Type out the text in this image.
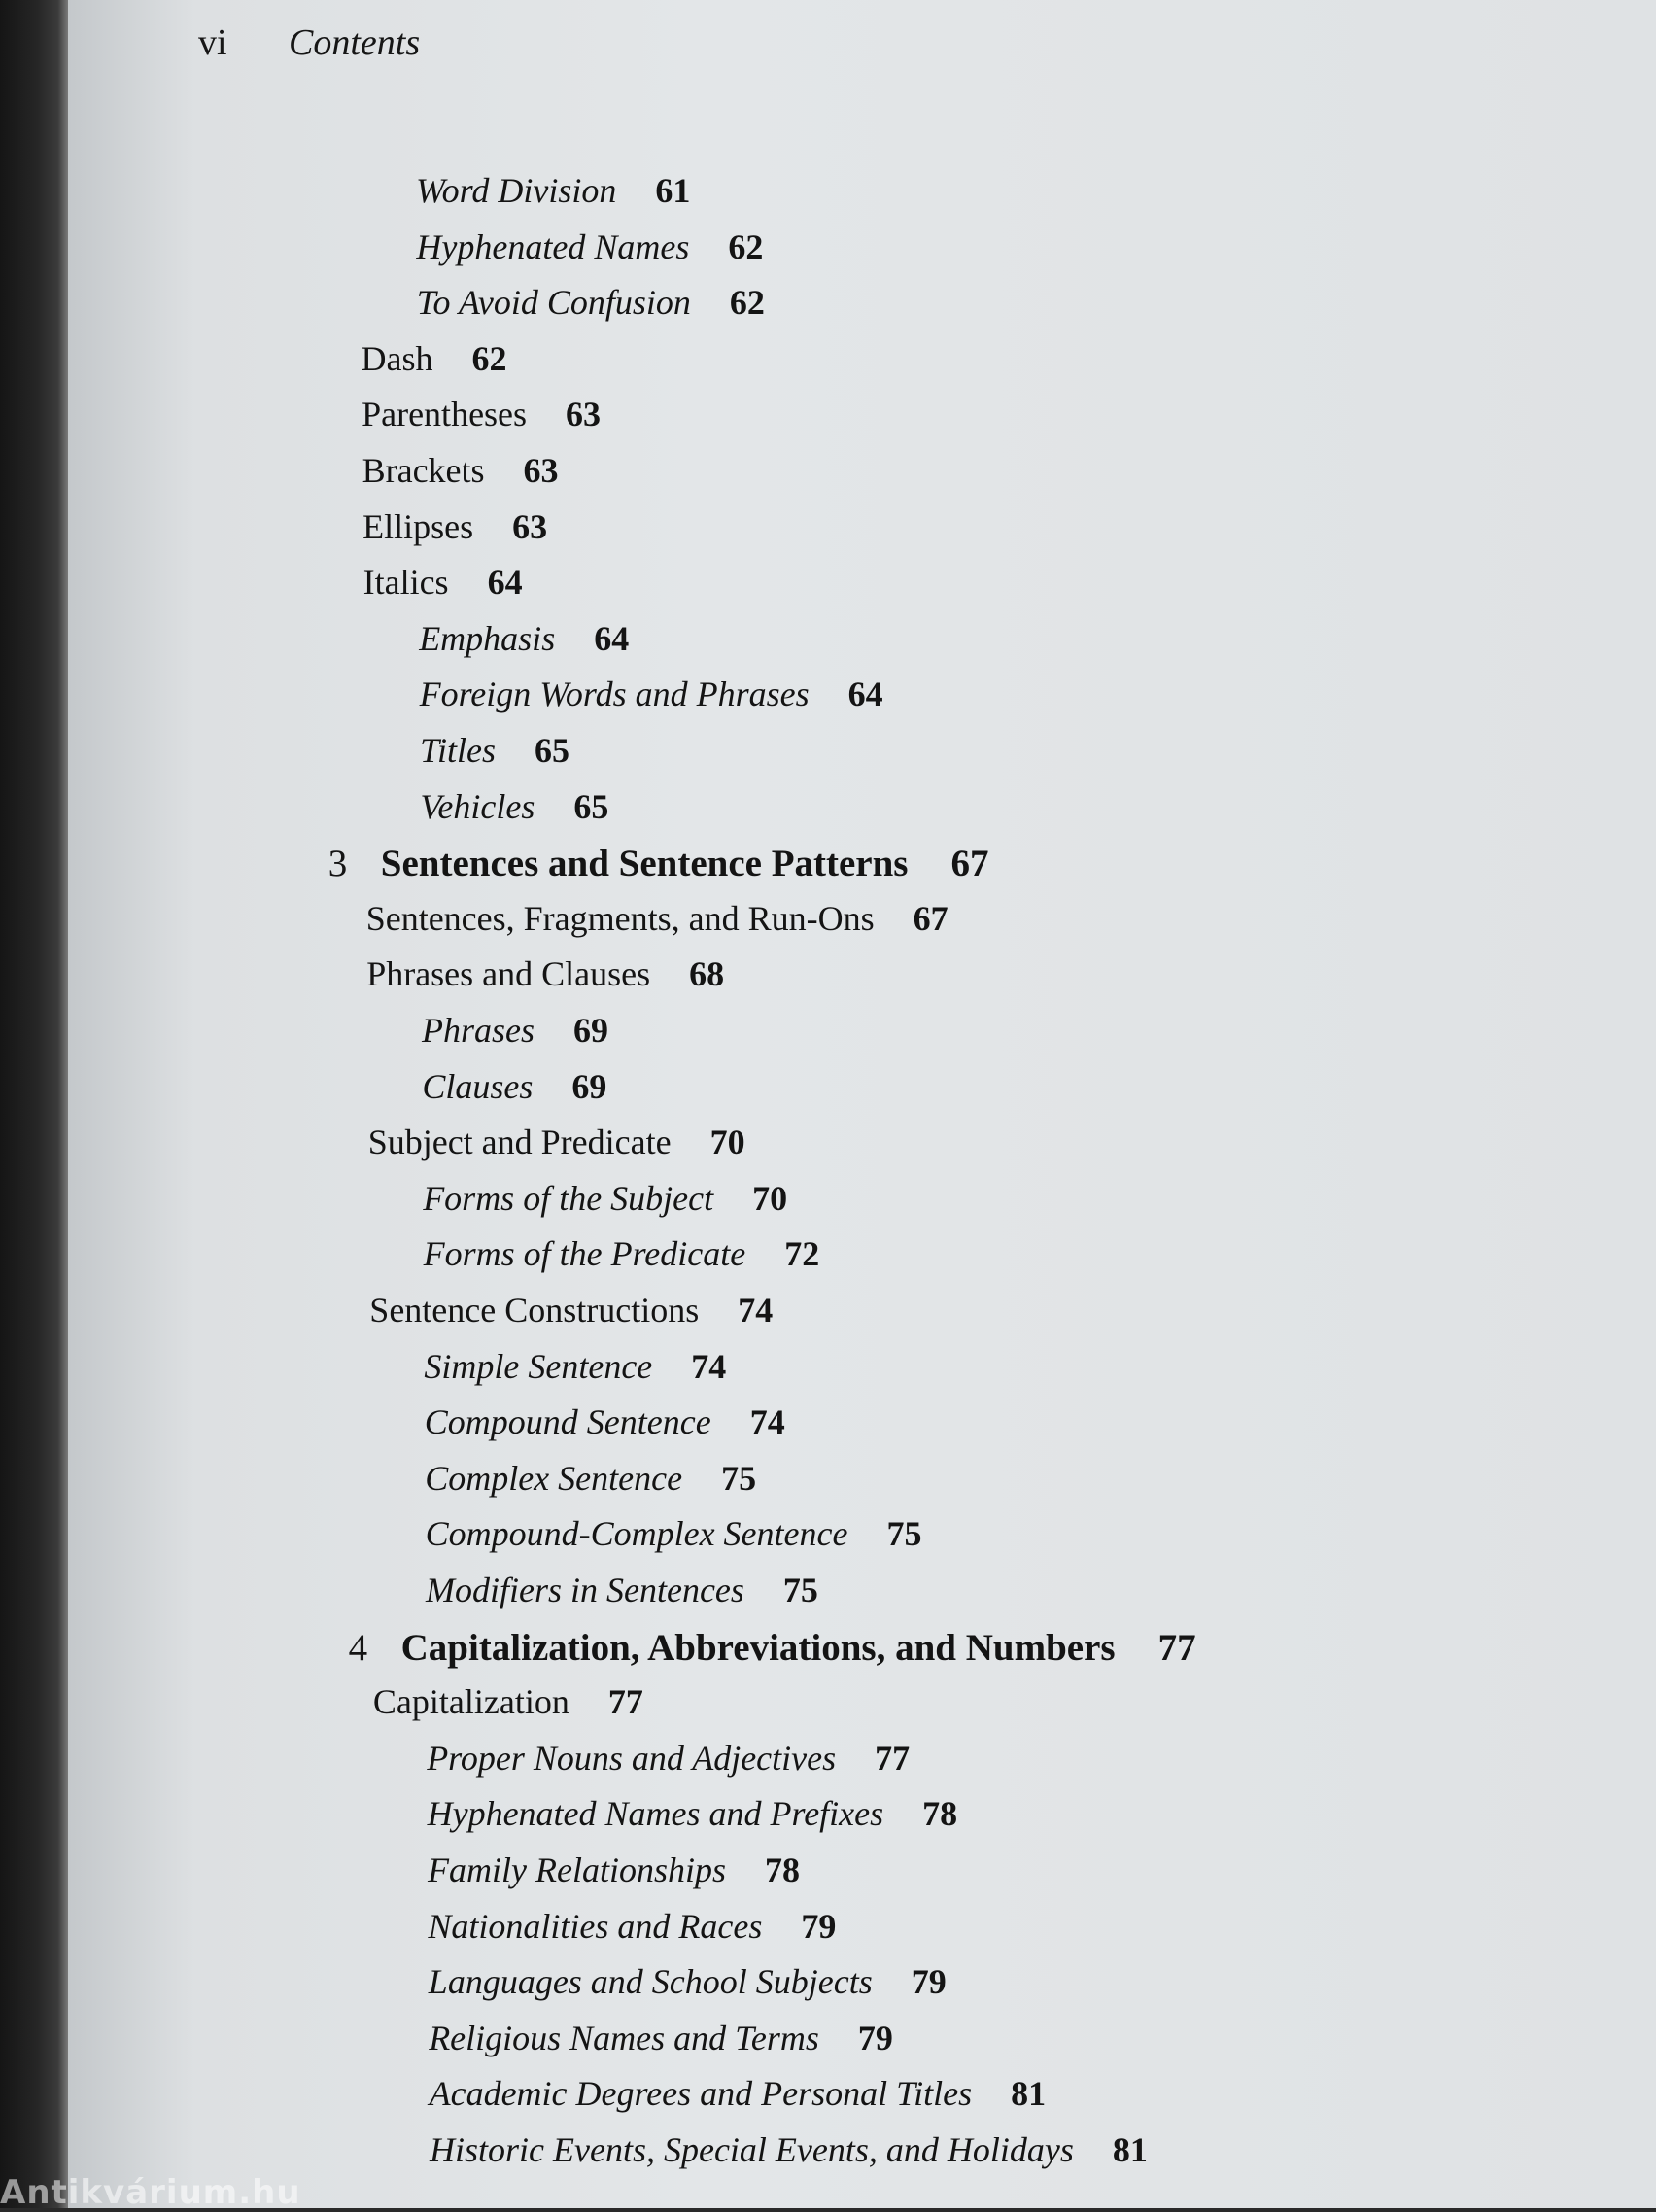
vi Contents
Word Division 61
Hyphenated Names 62
To Avoid Confusion 62
Dash 62
Parentheses 63
Brackets 63
Ellipses 63
Italics 64
Emphasis 64
Foreign Words and Phrases 64
Titles 65
Vehicles 65
3 Sentences and Sentence Patterns 67
Sentences, Fragments, and Run-Ons 67
Phrases and Clauses 68
Phrases 69
Clauses 69
Subject and Predicate 70
Forms of the Subject 70
Forms of the Predicate 72
Sentence Constructions 74
Simple Sentence 74
Compound Sentence 74
Complex Sentence 75
Compound-Complex Sentence 75
Modifiers in Sentences 75
4 Capitalization, Abbreviations, and Numbers 77
Capitalization 77
Proper Nouns and Adjectives 77
Hyphenated Names and Prefixes 78
Family Relationships 78
Nationalities and Races 79
Languages and School Subjects 79
Religious Names and Terms 79
Academic Degrees and Personal Titles 81
Historic Events, Special Events, and Holidays 81
Antikvárium.hu
